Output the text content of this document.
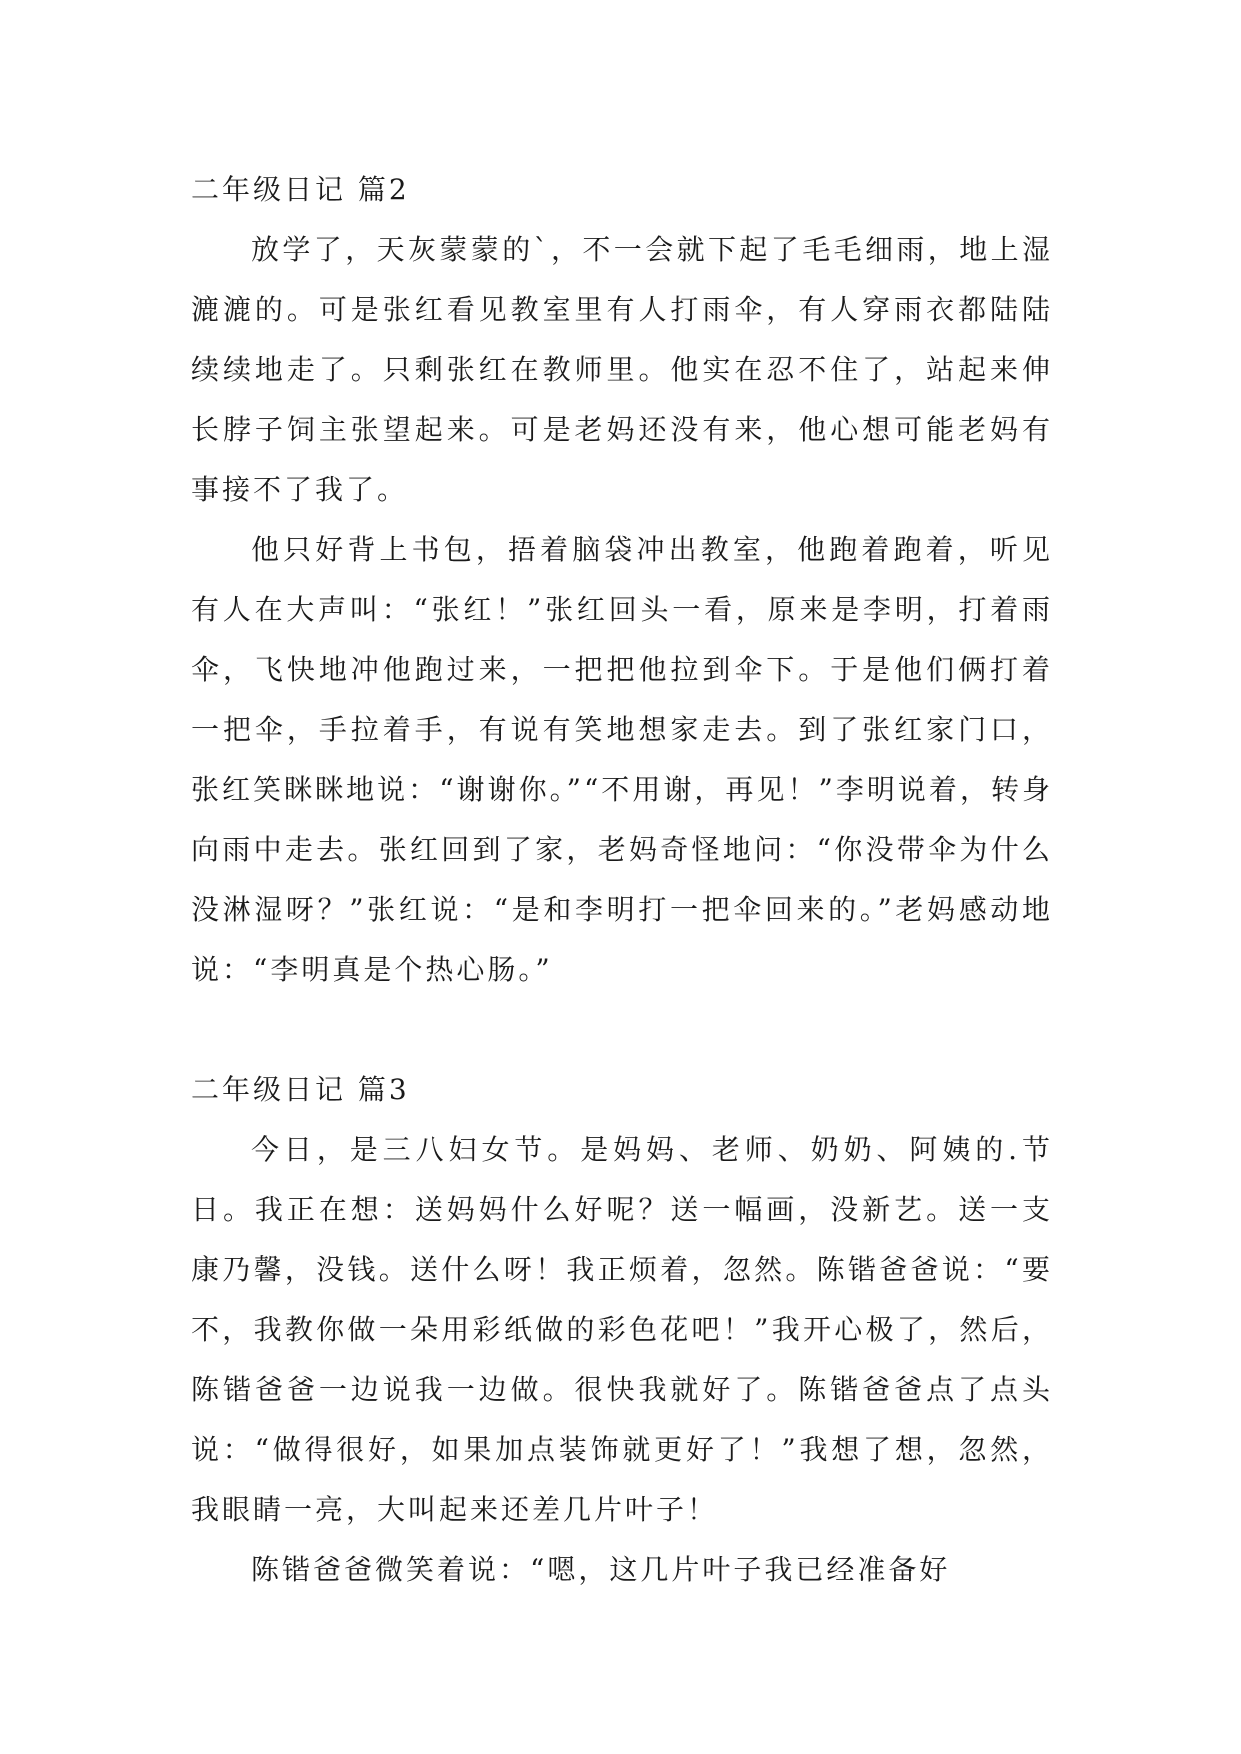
二年级日记 篇2

放学了，天灰蒙蒙的`，不一会就下起了毛毛细雨，地上湿漉漉的。可是张红看见教室里有人打雨伞，有人穿雨衣都陆陆续续地走了。只剩张红在教师里。他实在忍不住了，站起来伸长脖子饲主张望起来。可是老妈还没有来，他心想可能老妈有事接不了我了。

他只好背上书包，捂着脑袋冲出教室，他跑着跑着，听见有人在大声叫：“张红！”张红回头一看，原来是李明，打着雨伞，飞快地冲他跑过来，一把把他拉到伞下。于是他们俩打着一把伞，手拉着手，有说有笑地想家走去。到了张红家门口，张红笑眯眯地说：“谢谢你。”“不用谢，再见！”李明说着，转身向雨中走去。张红回到了家，老妈奇怪地问：“你没带伞为什么没淋湿呀？”张红说：“是和李明打一把伞回来的。”老妈感动地说：“李明真是个热心肠。”

二年级日记 篇3

今日，是三八妇女节。是妈妈、老师、奶奶、阿姨的.节日。我正在想：送妈妈什么好呢？送一幅画，没新艺。送一支康乃馨，没钱。送什么呀！我正烦着，忽然。陈锴爸爸说：“要不，我教你做一朵用彩纸做的彩色花吧！”我开心极了，然后，陈锴爸爸一边说我一边做。很快我就好了。陈锴爸爸点了点头说：“做得很好，如果加点装饰就更好了！”我想了想，忽然，我眼睛一亮，大叫起来还差几片叶子！

陈锴爸爸微笑着说：“嗯，这几片叶子我已经准备好
